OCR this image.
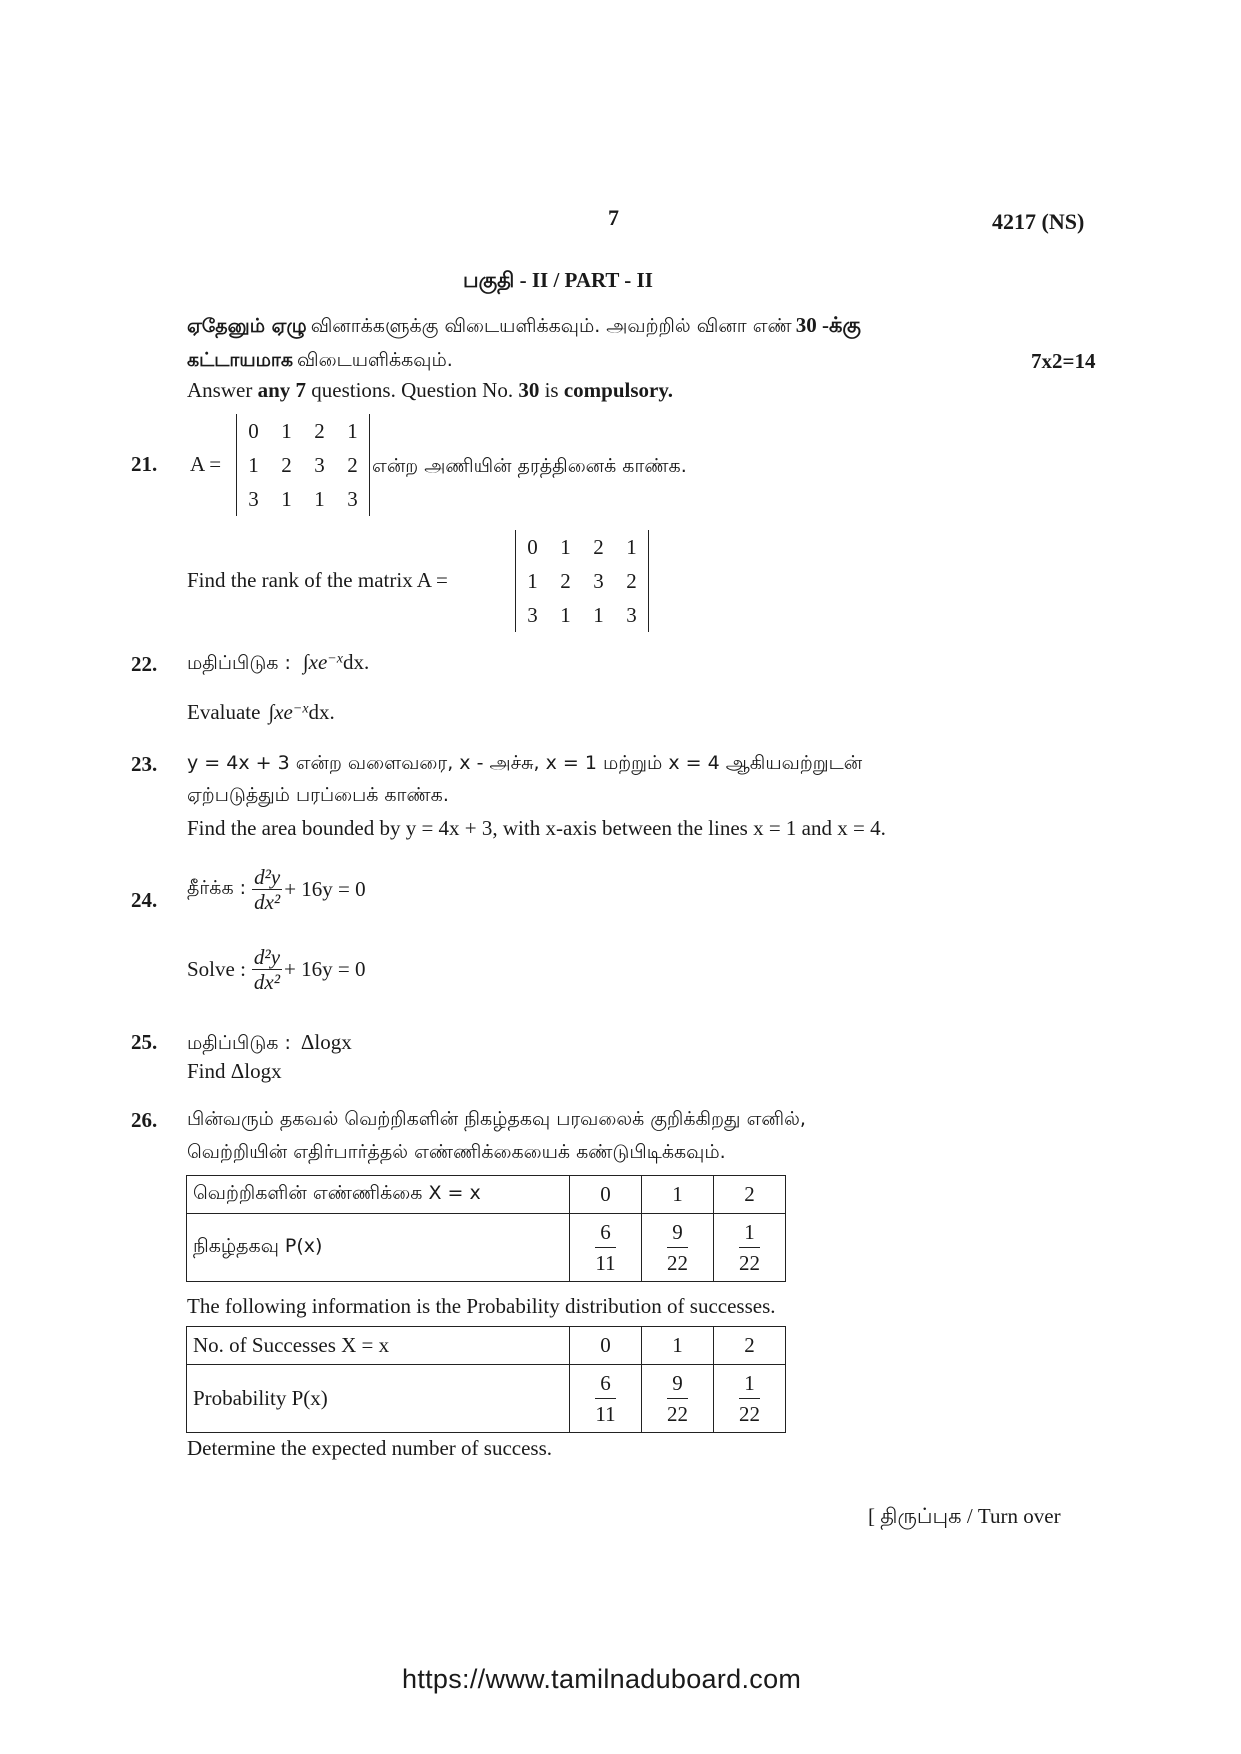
7	4217 (NS)
பகுதி - II / PART - II
ஏதேனும் ஏழு வினாக்களுக்கு விடையளிக்கவும். அவற்றில் வினா எண் 30 -க்கு
கட்டாயமாக விடையளிக்கவும்.	7x2=14
Answer any 7 questions. Question No. 30 is compulsory.
21. A =
0	1	2	1
1	2	3	2
3	1	1	3
என்ற அணியின் தரத்தினைக் காண்க.
Find the rank of the matrix A =
0	1	2	1
1	2	3	2
3	1	1	3
22. மதிப்பிடுக : $\int xe^{-x}dx$.
Evaluate $\int xe^{-x}dx$.
23. y = 4x + 3 என்ற வளைவரை, x - அச்சு, x = 1 மற்றும் x = 4 ஆகியவற்றுடன்
ஏற்படுத்தும் பரப்பைக் காண்க.
Find the area bounded by y = 4x + 3, with x-axis between the lines x = 1 and x = 4.
24. தீர்க்க : $\frac{\text{d²y}}{\text{dx²}} + 16y = 0$
Solve : $\frac{\text{d²y}}{\text{dx²}} + 16y = 0$
25. மதிப்பிடுக : Δlogx
Find Δlogx
26. பின்வரும் தகவல் வெற்றிகளின் நிகழ்தகவு பரவலைக் குறிக்கிறது எனில்,
வெற்றியின் எதிர்பார்த்தல் எண்ணிக்கையைக் கண்டுபிடிக்கவும்.
வெற்றிகளின் எண்ணிக்கை X = x	0	1	2
நிகழ்தகவு P(x)	$\frac{6}{11}$	$\frac{9}{22}$	$\frac{1}{22}$
The following information is the Probability distribution of successes.
No. of Successes X = x	0	1	2
Probability P(x)	$\frac{6}{11}$	$\frac{9}{22}$	$\frac{1}{22}$
Determine the expected number of success.
[ திருப்புக / Turn over
https://www.tamilnaduboard.com
